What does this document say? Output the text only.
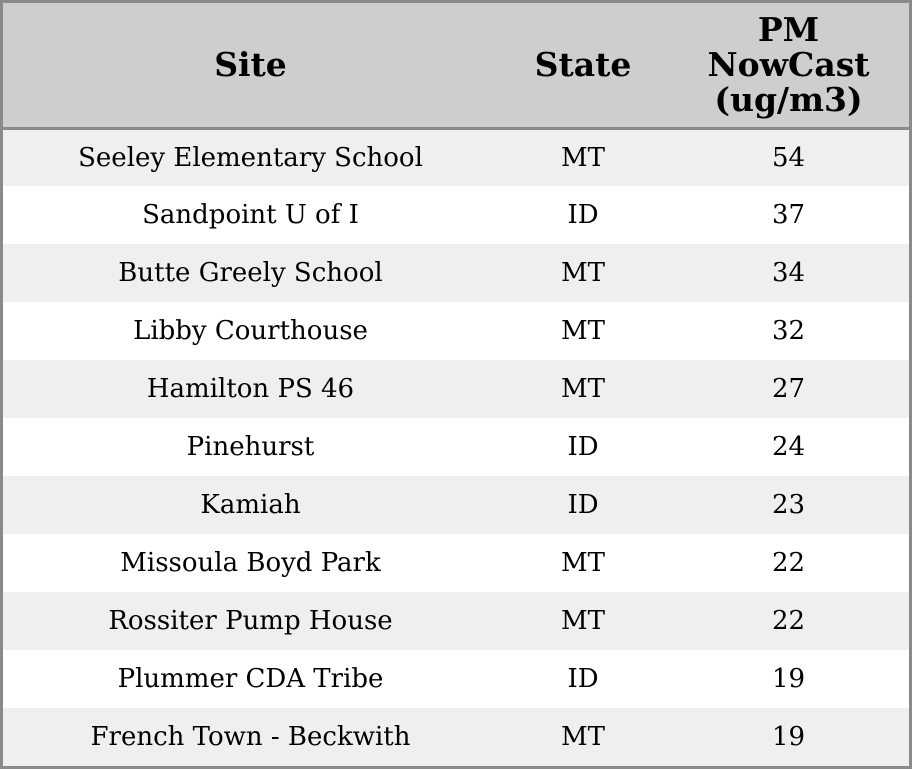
Site	State	PM
NowCast
(ug/m3)
Seeley Elementary School	MT	54
Sandpoint U of I	ID	37
Butte Greely School	MT	34
Libby Courthouse	MT	32
Hamilton PS 46	MT	27
Pinehurst	ID	24
Kamiah	ID	23
Missoula Boyd Park	MT	22
Rossiter Pump House	MT	22
Plummer CDA Tribe	ID	19
French Town - Beckwith	MT	19
